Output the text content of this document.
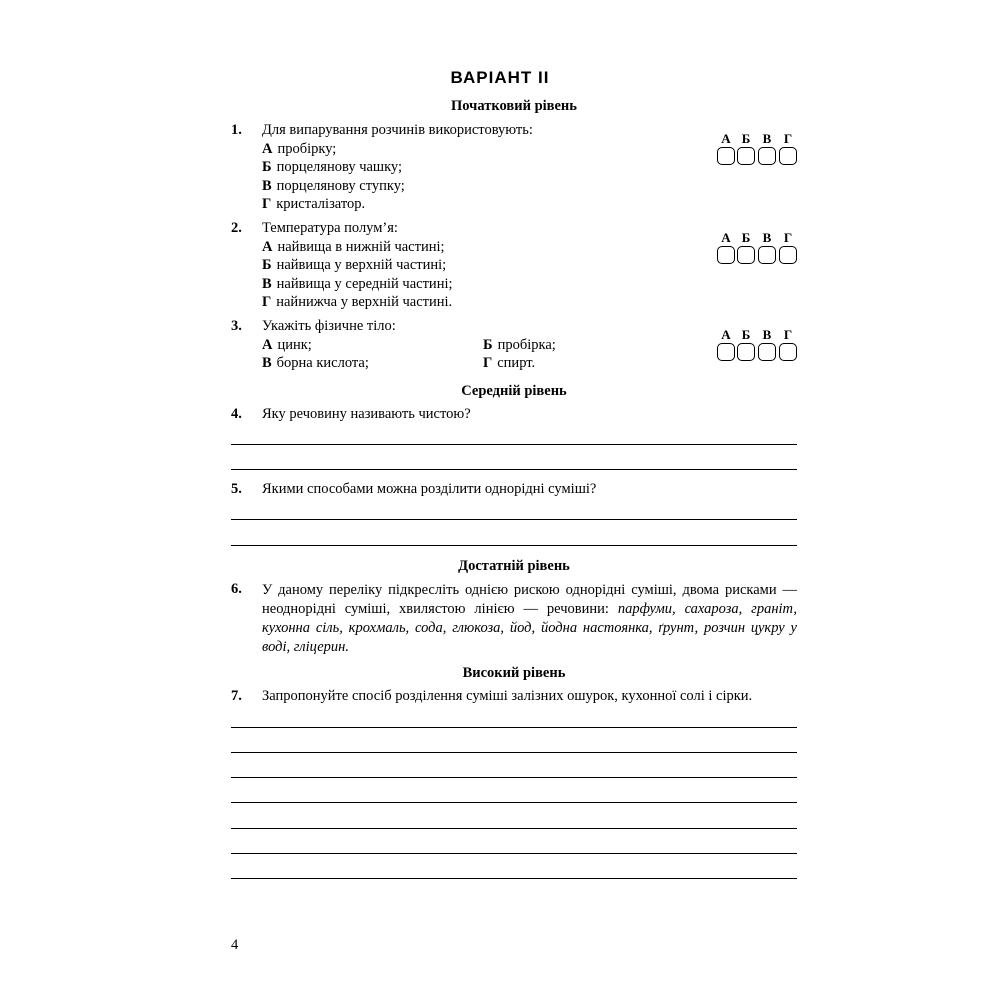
ВАРІАНТ ІІ
Початковий рівень
1. Для випарування розчинів використовують:
А пробірку;
Б порцелянову чашку;
В порцелянову ступку;
Г кристалізатор.
А Б В Г
2. Температура полум’я:
А найвища в нижній частині;
Б найвища у верхній частині;
В найвища у середній частині;
Г найнижча у верхній частині.
А Б В Г
3. Укажіть фізичне тіло:
А цинк;	Б пробірка;
В борна кислота;	Г спирт.
А Б В Г
Середній рівень
4. Яку речовину називають чистою?
5. Якими способами можна розділити однорідні суміші?
Достатній рівень
6. У даному переліку підкресліть однією рискою однорідні суміші, двома рисками — неоднорідні суміші, хвилястою лінією — речовини: парфуми, сахароза, граніт, кухонна сіль, крохмаль, сода, глюкоза, йод, йодна настоянка, ґрунт, розчин цукру у воді, гліцерин.
Високий рівень
7. Запропонуйте спосіб розділення суміші залізних ошурок, кухонної солі і сірки.
4
